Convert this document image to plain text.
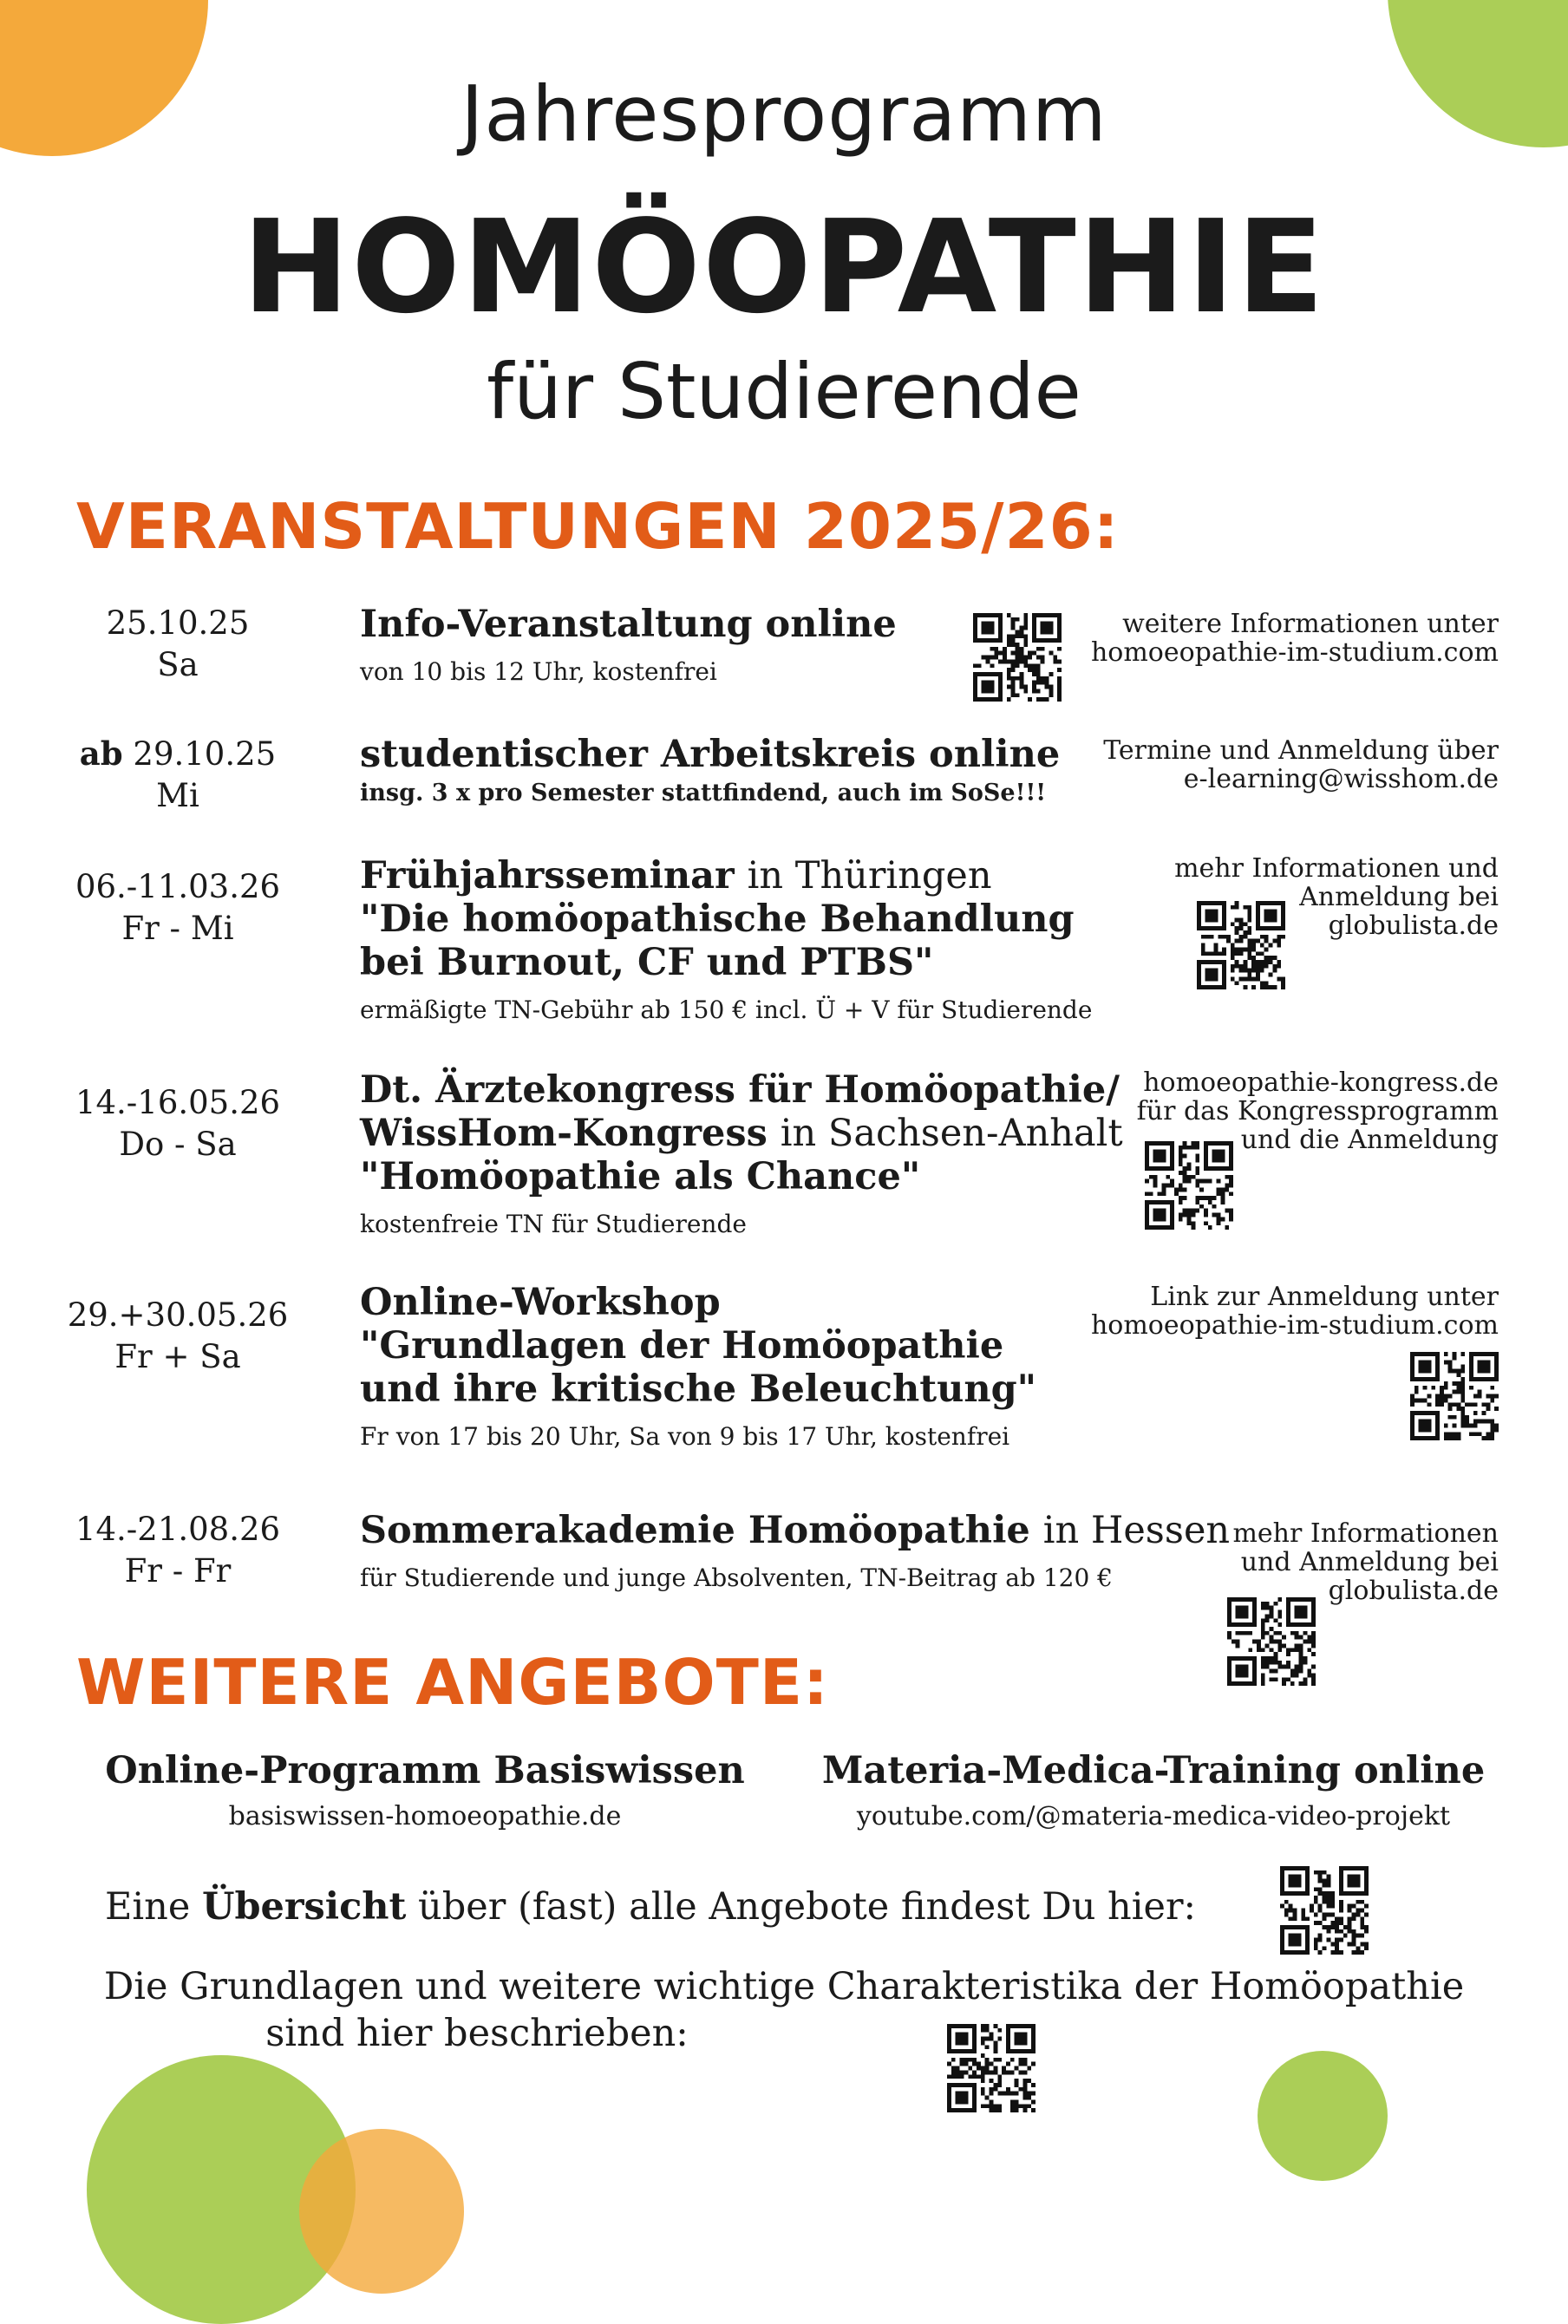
Jahresprogramm
HOMÖOPATHIE
für Studierende
VERANSTALTUNGEN 2025/26:
25.10.25
Sa
Info-Veranstaltung online
von 10 bis 12 Uhr, kostenfrei
weitere Informationen unter
homoeopathie-im-studium.com
ab 29.10.25
Mi
studentischer Arbeitskreis online
insg. 3 x pro Semester stattfindend, auch im SoSe!!!
Termine und Anmeldung über
e-learning@wisshom.de
06.-11.03.26
Fr - Mi
Frühjahrsseminar in Thüringen
"Die homöopathische Behandlung
bei Burnout, CF und PTBS"
ermäßigte TN-Gebühr ab 150 € incl. Ü + V für Studierende
mehr Informationen und
Anmeldung bei
globulista.de
14.-16.05.26
Do - Sa
Dt. Ärztekongress für Homöopathie/
WissHom-Kongress in Sachsen-Anhalt
"Homöopathie als Chance"
kostenfreie TN für Studierende
homoeopathie-kongress.de
für das Kongressprogramm
und die Anmeldung
29.+30.05.26
Fr + Sa
Online-Workshop
"Grundlagen der Homöopathie
und ihre kritische Beleuchtung"
Fr von 17 bis 20 Uhr, Sa von 9 bis 17 Uhr, kostenfrei
Link zur Anmeldung unter
homoeopathie-im-studium.com
14.-21.08.26
Fr - Fr
Sommerakademie Homöopathie in Hessen
für Studierende und junge Absolventen, TN-Beitrag ab 120 €
mehr Informationen
und Anmeldung bei
globulista.de
WEITERE ANGEBOTE:
Online-Programm Basiswissen
basiswissen-homoeopathie.de
Materia-Medica-Training online
youtube.com/@materia-medica-video-projekt
Eine Übersicht über (fast) alle Angebote findest Du hier:
Die Grundlagen und weitere wichtige Charakteristika der Homöopathie
sind hier beschrieben:
